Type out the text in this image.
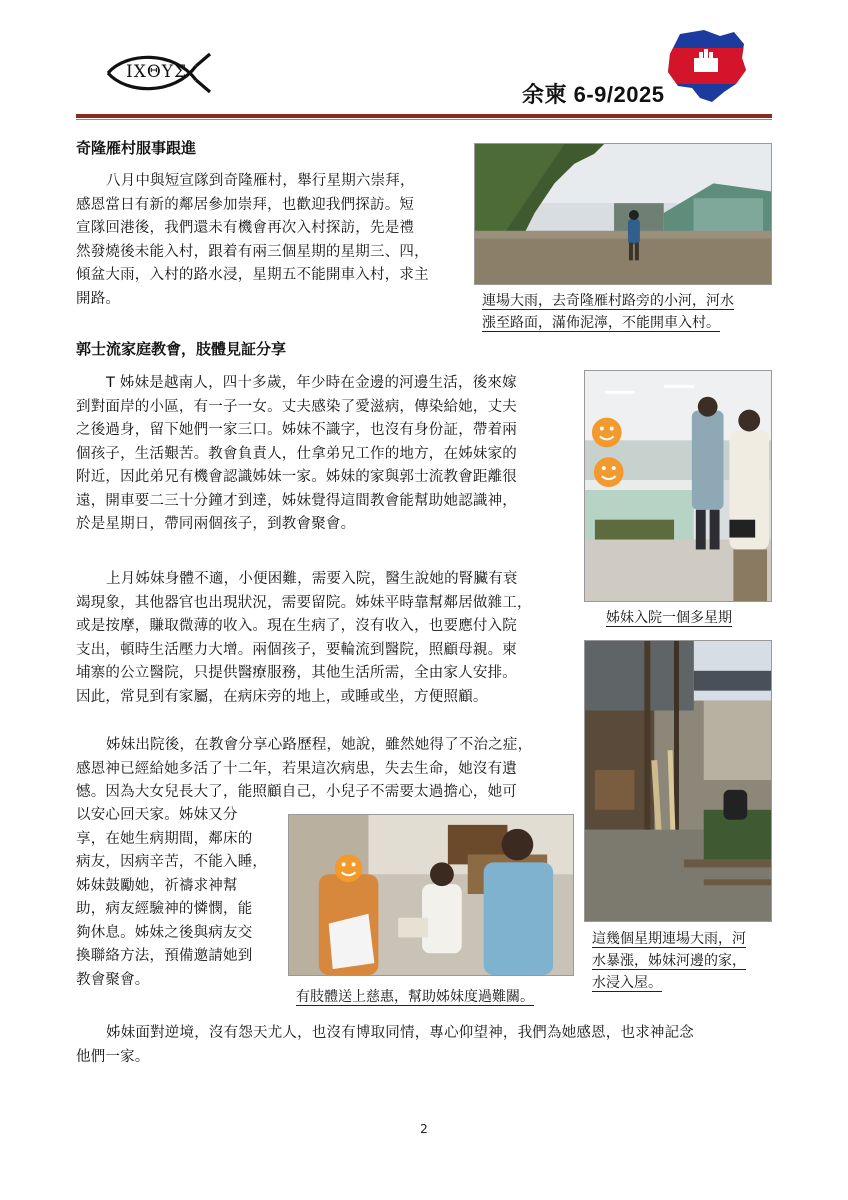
IXΘYΣ
余柬 6-9/2025
奇隆雁村服事跟進
八月中與短宣隊到奇隆雁村，舉行星期六崇拜，
感恩當日有新的鄰居參加崇拜，也歡迎我們探訪。短
宣隊回港後，我們還未有機會再次入村探訪，先是禮
然發燒後未能入村，跟着有兩三個星期的星期三、四，
傾盆大雨，入村的路水浸，星期五不能開車入村，求主
開路。	連場大雨，去奇隆雁村路旁的小河，河水
漲至路面，滿佈泥濘，不能開車入村。
郭士流家庭教會，肢體見証分享
T 姊妹是越南人，四十多歲，年少時在金邊的河邊生活，後來嫁
到對面岸的小區，有一子一女。丈夫感染了愛滋病，傳染給她，丈夫
之後過身，留下她們一家三口。姊妹不識字，也沒有身份証，帶着兩
個孩子，生活艱苦。教會負責人，仕拿弟兄工作的地方，在姊妹家的
附近，因此弟兄有機會認識姊妹一家。姊妹的家與郭士流教會距離很
遠，開車要二三十分鐘才到達，姊妹覺得這間教會能幫助她認識神，
於是星期日，帶同兩個孩子，到教會聚會。
上月姊妹身體不適，小便困難，需要入院，醫生說她的腎臟有衰
竭現象，其他器官也出現狀況，需要留院。姊妹平時靠幫鄰居做雜工，
或是按摩，賺取微薄的收入。現在生病了，沒有收入，也要應付入院
支出，頓時生活壓力大增。兩個孩子，要輪流到醫院，照顧母親。柬
埔寨的公立醫院，只提供醫療服務，其他生活所需，全由家人安排。
因此，常見到有家屬，在病床旁的地上，或睡或坐，方便照顧。
姊妹出院後，在教會分享心路歷程，她說，雖然她得了不治之症，
感恩神已經給她多活了十二年，若果這次病患，失去生命，她沒有遺
憾。因為大女兒長大了，能照顧自己，小兒子不需要太過擔心，她可
以安心回天家。姊妹又分
享，在她生病期間，鄰床的
病友，因病辛苦，不能入睡，
姊妹鼓勵她，祈禱求神幫
助，病友經驗神的憐憫，能
夠休息。姊妹之後與病友交
換聯絡方法，預備邀請她到
教會聚會。
姊妹入院一個多星期
這幾個星期連場大雨，河
水暴漲，姊妹河邊的家，
水浸入屋。
有肢體送上慈惠，幫助姊妹度過難關。
姊妹面對逆境，沒有怨天尤人，也沒有博取同情，專心仰望神，我們為她感恩，也求神記念
他們一家。
2
